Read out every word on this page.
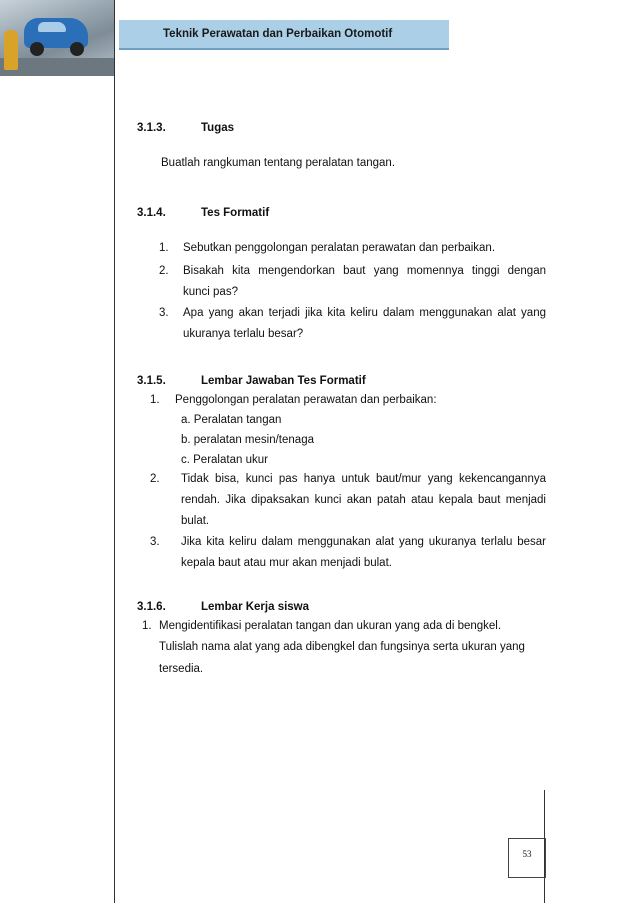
Teknik Perawatan dan Perbaikan Otomotif
3.1.3.	Tugas
Buatlah rangkuman tentang peralatan tangan.
3.1.4.	Tes Formatif
1. Sebutkan penggolongan peralatan perawatan dan perbaikan.
2. Bisakah kita mengendorkan baut yang momennya tinggi dengan
kunci pas?
3. Apa yang akan terjadi jika kita keliru dalam menggunakan alat yang
ukuranya terlalu besar?
3.1.5.	Lembar Jawaban Tes Formatif
1. Penggolongan peralatan perawatan dan perbaikan:
a. Peralatan tangan
b. peralatan mesin/tenaga
c. Peralatan ukur
2. Tidak bisa, kunci pas hanya untuk baut/mur yang kekencangannya
rendah. Jika dipaksakan kunci akan patah atau kepala baut menjadi
bulat.
3. Jika kita keliru dalam menggunakan alat yang ukuranya terlalu besar
kepala baut atau mur akan menjadi bulat.
3.1.6.	Lembar Kerja siswa
1. Mengidentifikasi peralatan tangan dan ukuran yang ada di bengkel.
Tulislah nama alat yang ada dibengkel dan fungsinya serta ukuran yang
tersedia.
53
